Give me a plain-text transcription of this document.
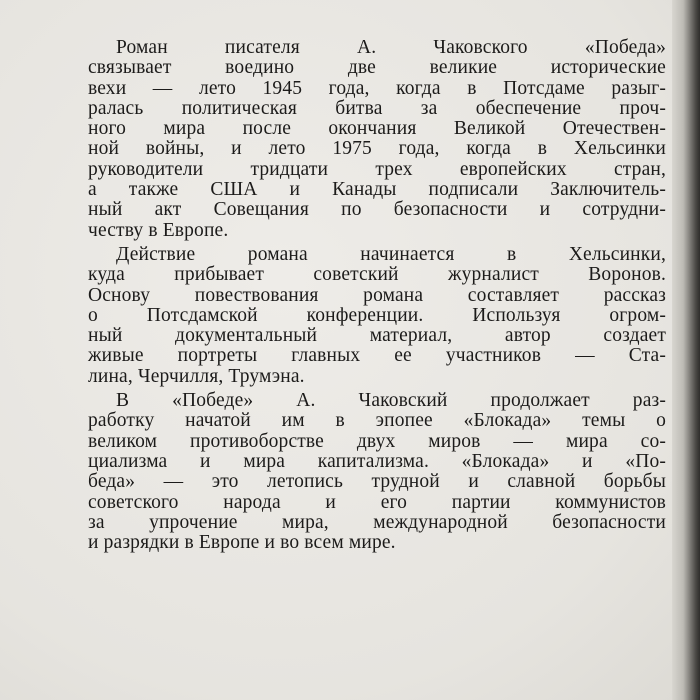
Роман писателя А. Чаковского «Победа»
связывает воедино две великие исторические
вехи — лето 1945 года, когда в Потсдаме разыг-
ралась политическая битва за обеспечение проч-
ного мира после окончания Великой Отечествен-
ной войны, и лето 1975 года, когда в Хельсинки
руководители тридцати трех европейских стран,
а также США и Канады подписали Заключитель-
ный акт Совещания по безопасности и сотрудни-
честву в Европе.

Действие романа начинается в Хельсинки,
куда прибывает советский журналист Воронов.
Основу повествования романа составляет рассказ
о Потсдамской конференции. Используя огром-
ный документальный материал, автор создает
живые портреты главных ее участников — Ста-
лина, Черчилля, Трумэна.

В «Победе» А. Чаковский продолжает раз-
работку начатой им в эпопее «Блокада» темы о
великом противоборстве двух миров — мира со-
циализма и мира капитализма. «Блокада» и «По-
беда» — это летопись трудной и славной борьбы
советского народа и его партии коммунистов
за упрочение мира, международной безопасности
и разрядки в Европе и во всем мире.
